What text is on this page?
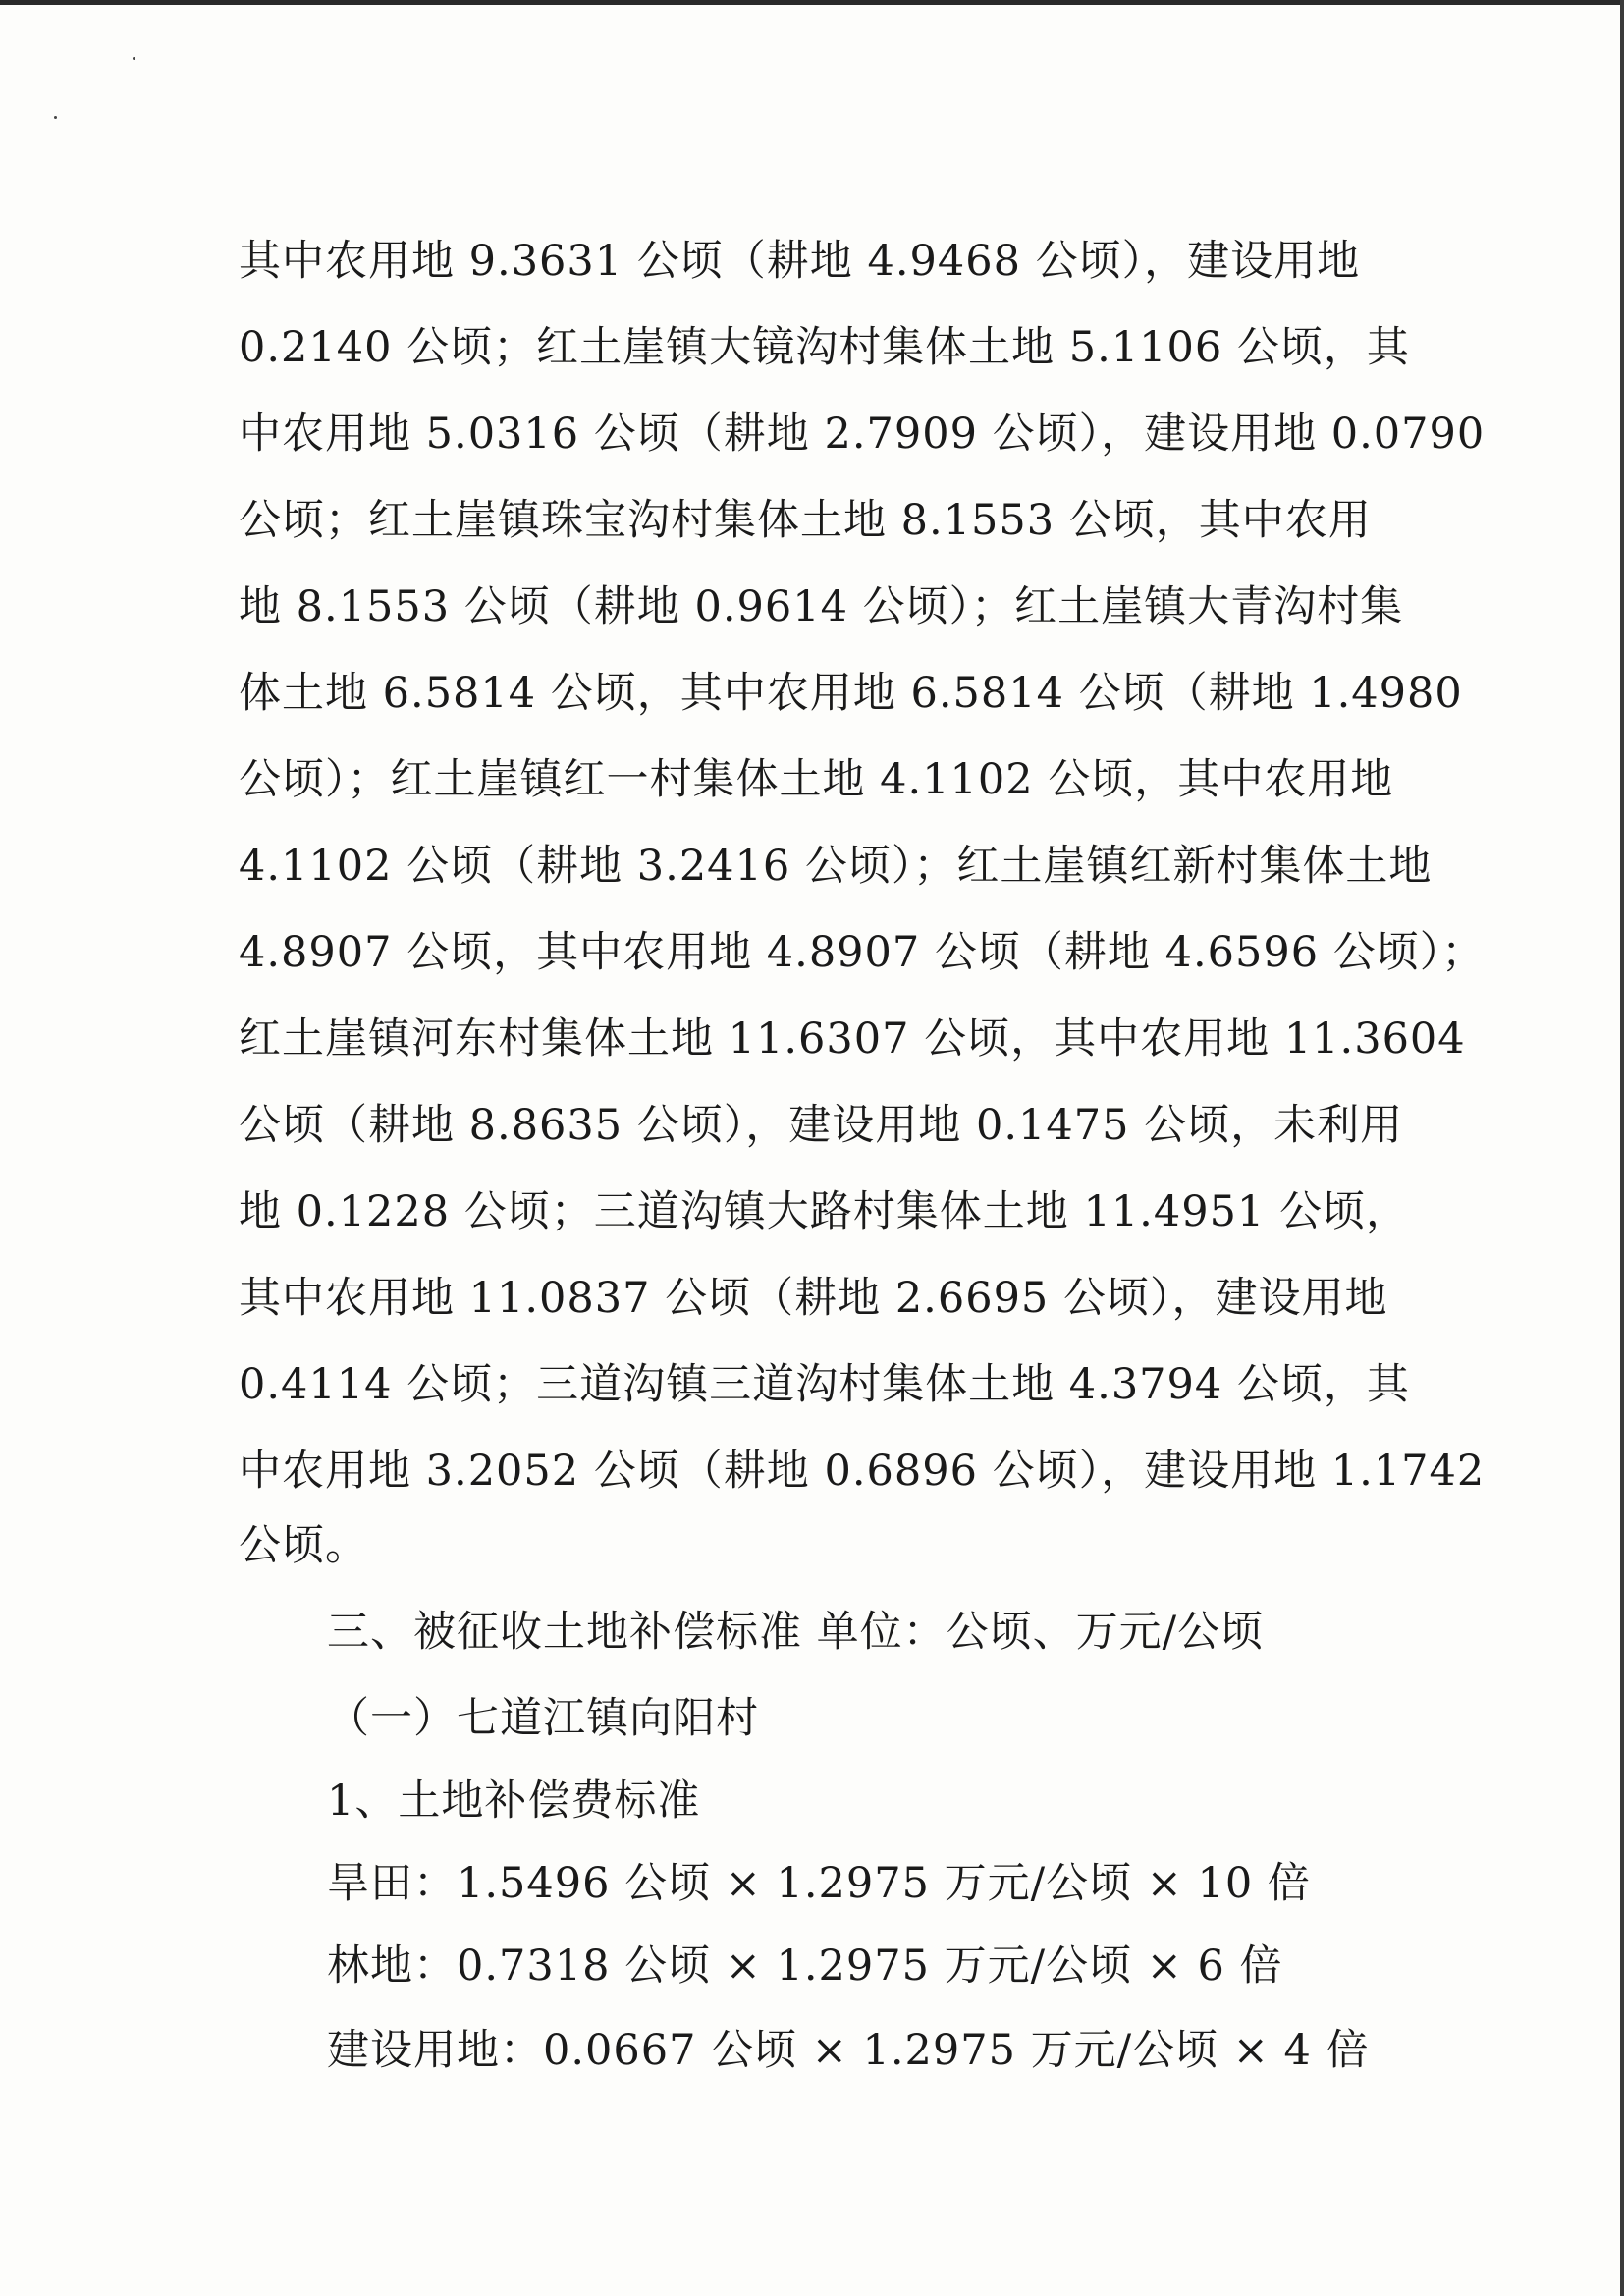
其中农用地 9.3631 公顷（耕地 4.9468 公顷），建设用地
0.2140 公顷；红土崖镇大镜沟村集体土地 5.1106 公顷，其
中农用地 5.0316 公顷（耕地 2.7909 公顷），建设用地 0.0790
公顷；红土崖镇珠宝沟村集体土地 8.1553 公顷，其中农用
地 8.1553 公顷（耕地 0.9614 公顷）；红土崖镇大青沟村集
体土地 6.5814 公顷，其中农用地 6.5814 公顷（耕地 1.4980
公顷）；红土崖镇红一村集体土地 4.1102 公顷，其中农用地
4.1102 公顷（耕地 3.2416 公顷）；红土崖镇红新村集体土地
4.8907 公顷，其中农用地 4.8907 公顷（耕地 4.6596 公顷）；
红土崖镇河东村集体土地 11.6307 公顷，其中农用地 11.3604
公顷（耕地 8.8635 公顷），建设用地 0.1475 公顷，未利用
地 0.1228 公顷；三道沟镇大路村集体土地 11.4951 公顷，
其中农用地 11.0837 公顷（耕地 2.6695 公顷），建设用地
0.4114 公顷；三道沟镇三道沟村集体土地 4.3794 公顷，其
中农用地 3.2052 公顷（耕地 0.6896 公顷），建设用地 1.1742
公顷。
三、被征收土地补偿标准 单位：公顷、万元/公顷
（一）七道江镇向阳村
1、土地补偿费标准
旱田：1.5496 公顷 × 1.2975 万元/公顷 × 10 倍
林地：0.7318 公顷 × 1.2975 万元/公顷 × 6 倍
建设用地：0.0667 公顷 × 1.2975 万元/公顷 × 4 倍
